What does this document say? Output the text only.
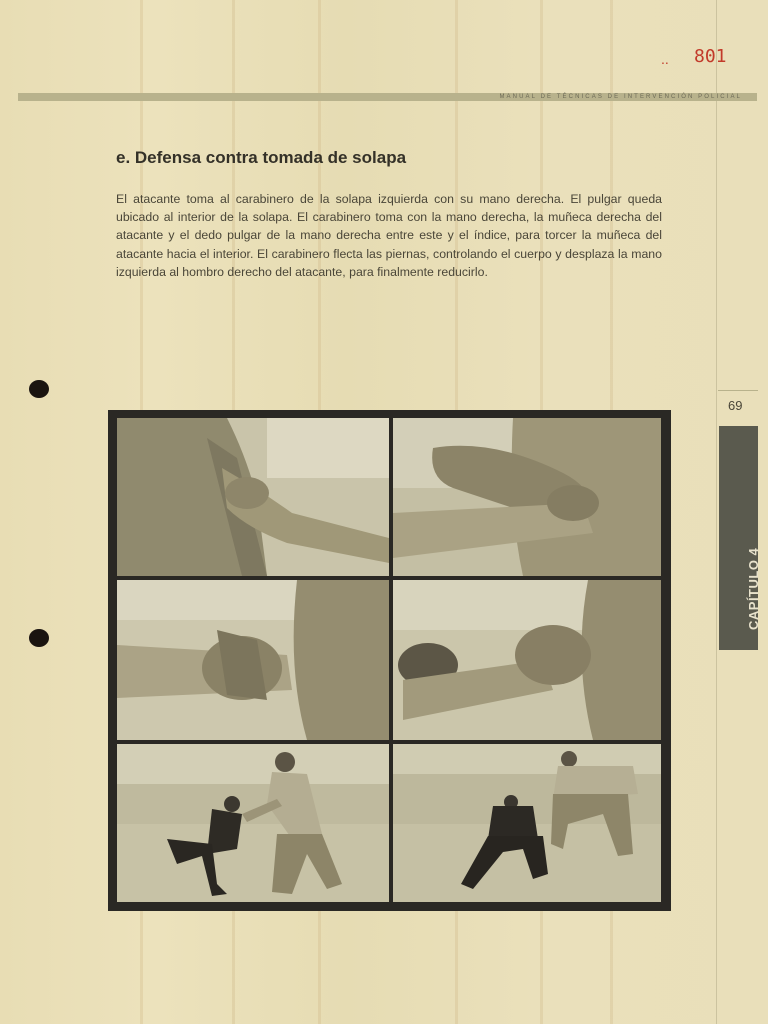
.. 801
MANUAL DE TÉCNICAS DE INTERVENCIÓN POLICIAL
e. Defensa contra tomada de solapa
El atacante toma al carabinero de la solapa izquierda con su mano derecha. El pulgar queda ubicado al interior de la solapa. El carabinero toma con la mano derecha, la muñeca derecha del atacante y el dedo pulgar de la mano derecha entre este y el índice, para torcer la muñeca del atacante hacia el interior. El carabinero flecta las piernas, controlando el cuerpo y desplaza la mano izquierda al hombro derecho del atacante, para finalmente reducirlo.
69
CAPÍTULO 4
